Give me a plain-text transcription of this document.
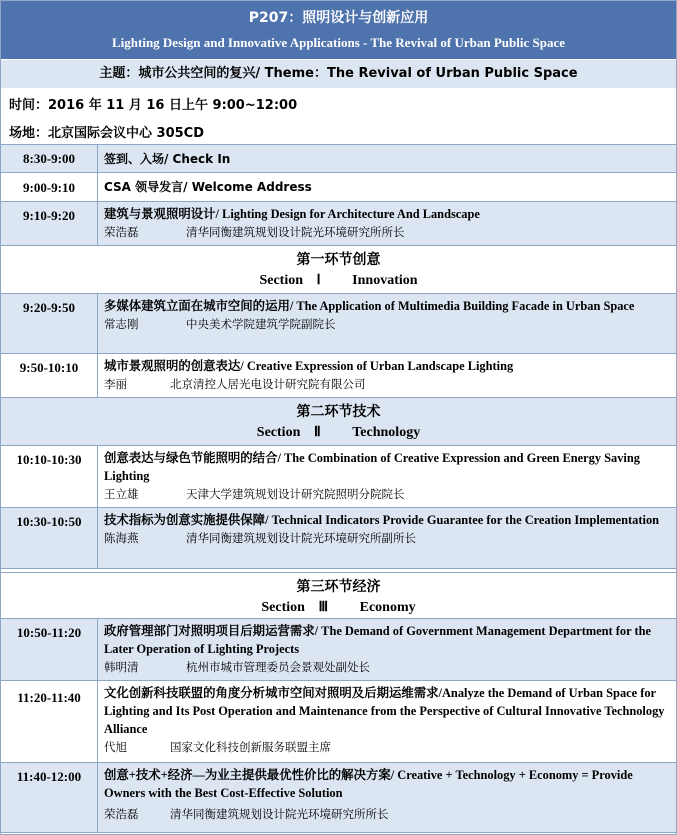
P207：照明设计与创新应用
Lighting Design and Innovative Applications - The Revival of Urban Public Space
主题：城市公共空间的复兴/ Theme：The Revival of Urban Public Space
时间：2016 年 11 月 16 日上午 9:00~12:00
场地：北京国际会议中心 305CD
8:30-9:00	签到、入场/ Check In
9:00-9:10	CSA 领导发言/ Welcome Address
9:10-9:20	建筑与景观照明设计/ Lighting Design for Architecture And Landscape
荣浩磊	清华同衡建筑规划设计院光环境研究所所长
第一环节创意
Section Ⅰ Innovation
9:20-9:50	多媒体建筑立面在城市空间的运用/ The Application of Multimedia Building Facade in Urban Space
常志刚	中央美术学院建筑学院副院长
9:50-10:10	城市景观照明的创意表达/ Creative Expression of Urban Landscape Lighting
李丽	北京清控人居光电设计研究院有限公司
第二环节技术
Section Ⅱ Technology
10:10-10:30	创意表达与绿色节能照明的结合/ The Combination of Creative Expression and Green Energy Saving Lighting
王立雄	天津大学建筑规划设计研究院照明分院院长
10:30-10:50	技术指标为创意实施提供保障/ Technical Indicators Provide Guarantee for the Creation Implementation
陈海燕	清华同衡建筑规划设计院光环境研究所副所长
第三环节经济
Section Ⅲ Economy
10:50-11:20	政府管理部门对照明项目后期运营需求/ The Demand of Government Management Department for the Later Operation of Lighting Projects
韩明清	杭州市城市管理委员会景观处副处长
11:20-11:40	文化创新科技联盟的角度分析城市空间对照明及后期运维需求/Analyze the Demand of Urban Space for Lighting and Its Post Operation and Maintenance from the Perspective of Cultural Innovative Technology Alliance
代旭	国家文化科技创新服务联盟主席
11:40-12:00	创意+技术+经济—为业主提供最优性价比的解决方案/ Creative + Technology + Economy = Provide Owners with the Best Cost-Effective Solution
荣浩磊	清华同衡建筑规划设计院光环境研究所所长
